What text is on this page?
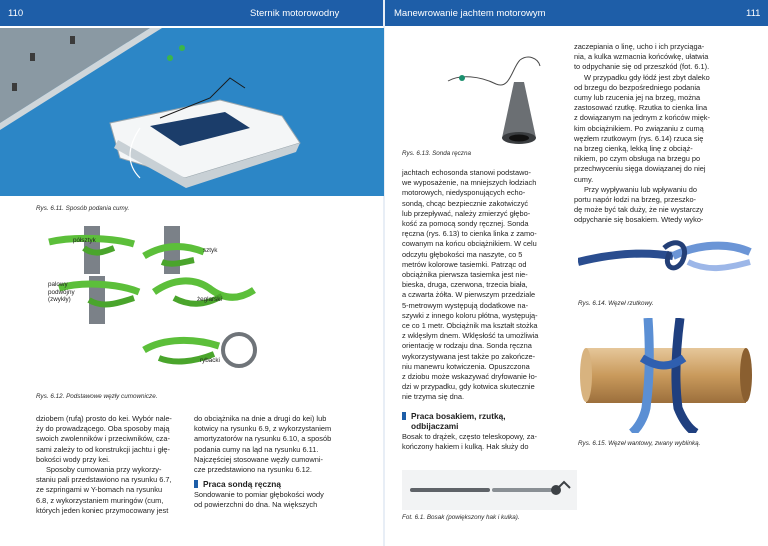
110	Sternik motorowodny	Manewrowanie jachtem motorowym	111
Rys. 6.11. Sposób podania cumy.
półsztyk
sztyk
palowy
podwójny
(zwykły)	żeglarski
rybacki
Rys. 6.12. Podstawowe węzły cumownicze.

dziobem (rufą) prosto do kei. Wybór nale-

ży do prowadzącego. Oba sposoby mają

swoich zwolenników i przeciwników, cza-

sami zależy to od konstrukcji jachtu i głę-

bokości wody przy kei.

Sposoby cumowania przy wykorzy-

staniu pali przedstawiono na rysunku 6.7,

ze szpringami w Y-bomach na rysunku

6.8, z wykorzystaniem muringów (cum,

których jeden koniec przymocowany jest

do obciążnika na dnie a drugi do kei) lub

kotwicy na rysunku 6.9, z wykorzystaniem

amortyzatorów na rysunku 6.10, a sposób

podania cumy na ląd na rysunku 6.11.

Najczęściej stosowane węzły cumowni-

cze przedstawiono na rysunku 6.12.

Praca sondą ręczną

Sondowanie to pomiar głębokości wody

od powierzchni do dna. Na większych

Rys. 6.13. Sonda ręczna

jachtach echosonda stanowi podstawo-

we wyposażenie, na mniejszych łodziach

motorowych, niedysponujących echo-

sondą, chcąc bezpiecznie zakotwiczyć

lub przepływać, należy zmierzyć głębo-

kość za pomocą sondy ręcznej. Sonda

ręczna (rys. 6.13) to cienka linka z zamo-

cowanym na końcu obciążnikiem. W celu

odczytu głębokości ma naszyte, co 5

metrów kolorowe tasiemki. Patrząc od

obciążnika pierwsza tasiemka jest nie-

bieska, druga, czerwona, trzecia biała,

a czwarta żółta. W pierwszym przedziale

5-metrowym występują dodatkowe na-

szywki z innego koloru płótna, występują-

ce co 1 metr. Obciążnik ma kształt stożka

z wklęsłym dnem. Wklęsłość ta umożliwia

orientację w rodzaju dna. Sonda ręczna

wykorzystywana jest także po zakończe-

niu manewru kotwiczenia. Opuszczona

z dziobu może wskazywać dryfowanie ło-

dzi w przypadku, gdy kotwica skutecznie

nie trzyma się dna.

Praca bosakiem, rzutką,
odbijaczami

Bosak to drążek, często teleskopowy, za-

kończony hakiem i kulką. Hak służy do

Fot. 6.1. Bosak (powiększony hak i kulka).

zaczepiania o linę, ucho i ich przyciąga-

nia, a kulka wzmacnia końcówkę, ułatwia

to odpychanie się od przeszkód (fot. 6.1).

W przypadku gdy łódź jest zbyt daleko

od brzegu do bezpośredniego podania

cumy lub rzucenia jej na brzeg, można

zastosować rzutkę. Rzutka to cienka lina

z dowiązanym na jednym z końców mięk-

kim obciążnikiem. Po związaniu z cumą

węzłem rzutkowym (rys. 6.14) rzuca się

na brzeg cienką, lekką linę z obciąż-

nikiem, po czym obsługa na brzegu po

przechwyceniu sięga dowiązanej do niej

cumy.

Przy wypływaniu lub wpływaniu do

portu napór łodzi na brzeg, przeszko-

dę może być tak duży, że nie wystarczy

odpychanie się bosakiem. Wtedy wyko-

Rys. 6.14. Węzeł rzutkowy.
Rys. 6.15. Węzeł wantowy, zwany wyblinką.
